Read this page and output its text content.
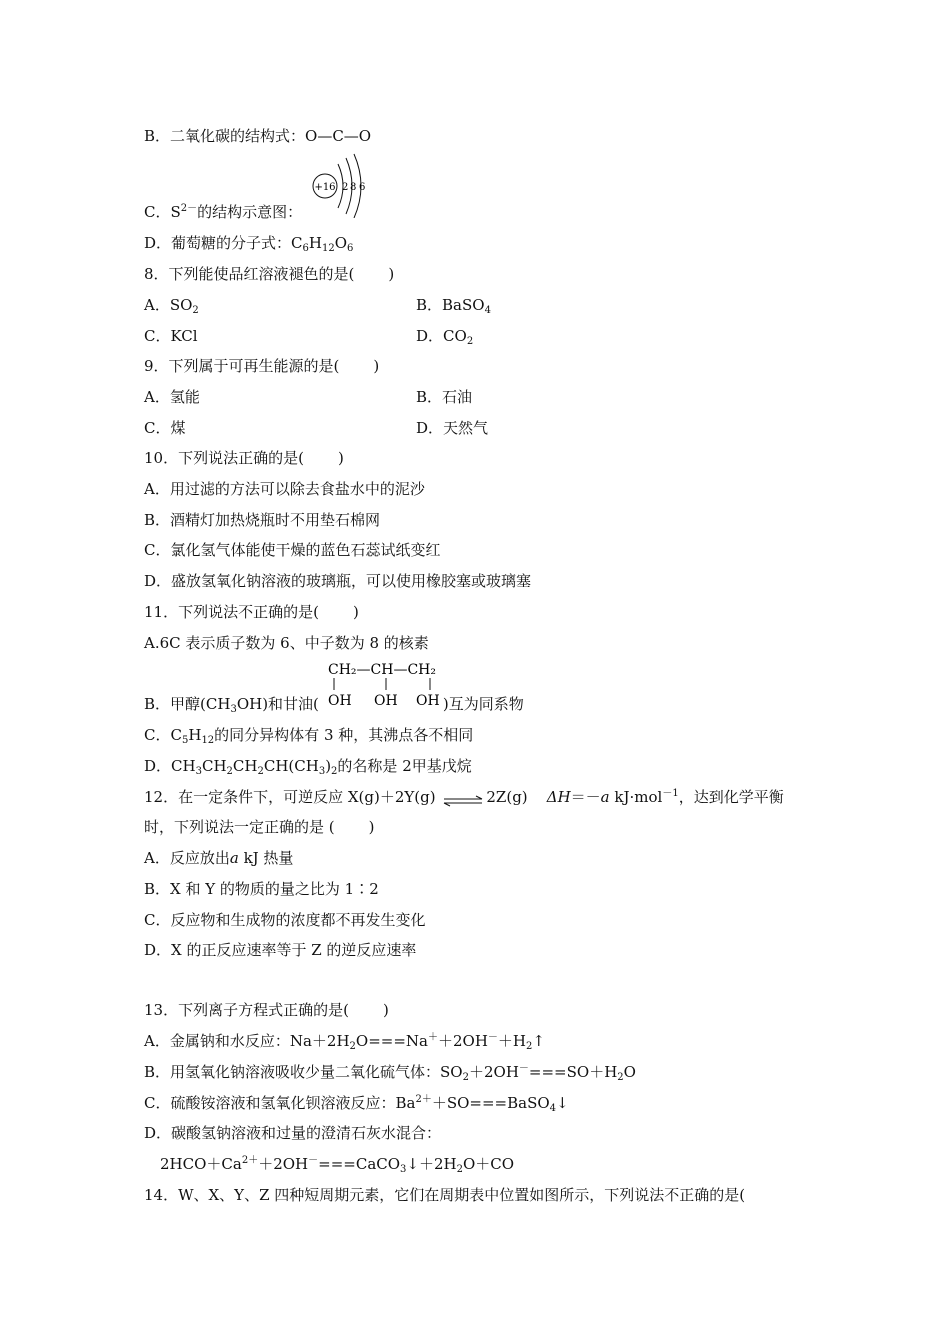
B．二氧化碳的结构式：O—C—O
+16 2 8 6
C．$S^{2-}$的结构示意图：
D．葡萄糖的分子式：$C_6H_{12}O_6$
8．下列能使品红溶液褪色的是( )
A．$SO_2$	B．BaSO$_4$
C．KCl	D．$CO_2$
9．下列属于可再生能源的是( )
A．氢能	B．石油
C．煤	D．天然气
10．下列说法正确的是( )
A．用过滤的方法可以除去食盐水中的泥沙
B．酒精灯加热烧瓶时不用垫石棉网
C．氯化氢气体能使干燥的蓝色石蕊试纸变红
D．盛放氢氧化钠溶液的玻璃瓶，可以使用橡胶塞或玻璃塞
11．下列说法不正确的是( )
A.6C 表示质子数为 6、中子数为 8 的核素
CH₂—CH—CH₂
OH OH OH
B．甲醇$(CH_3OH)$和甘油(	)互为同系物
C．$C_5H_{12}$的同分异构体有 3 种，其沸点各不相同
D．$CH_3CH_2CH_2CH(CH_3)_2$的名称是 2甲基戊烷
12．在一定条件下，可逆反应 X(g)＋2Y(g) ⇌ 2Z(g) ΔH＝－a kJ·mol$^{-1}$，达到化学平衡
时，下列说法一定正确的是 ( )
A．反应放出a kJ 热量
B．X 和 Y 的物质的量之比为 1∶2
C．反应物和生成物的浓度都不再发生变化
D．X 的正反应速率等于 Z 的逆反应速率
13．下列离子方程式正确的是( )
A．金属钠和水反应：$Na+2H_2O===Na^++2OH^-+H_2↑$
B．用氢氧化钠溶液吸收少量二氧化硫气体：$SO_2+2OH^-===SO+H_2O$
C．硫酸铵溶液和氢氧化钡溶液反应：$Ba^{2+}+SO===BaSO_4↓$
D．碳酸氢钠溶液和过量的澄清石灰水混合：
$2HCO+Ca^{2+}+2OH^-===CaCO_3↓+2H_2O+CO$
14．W、X、Y、Z 四种短周期元素，它们在周期表中位置如图所示，下列说法不正确的是(
